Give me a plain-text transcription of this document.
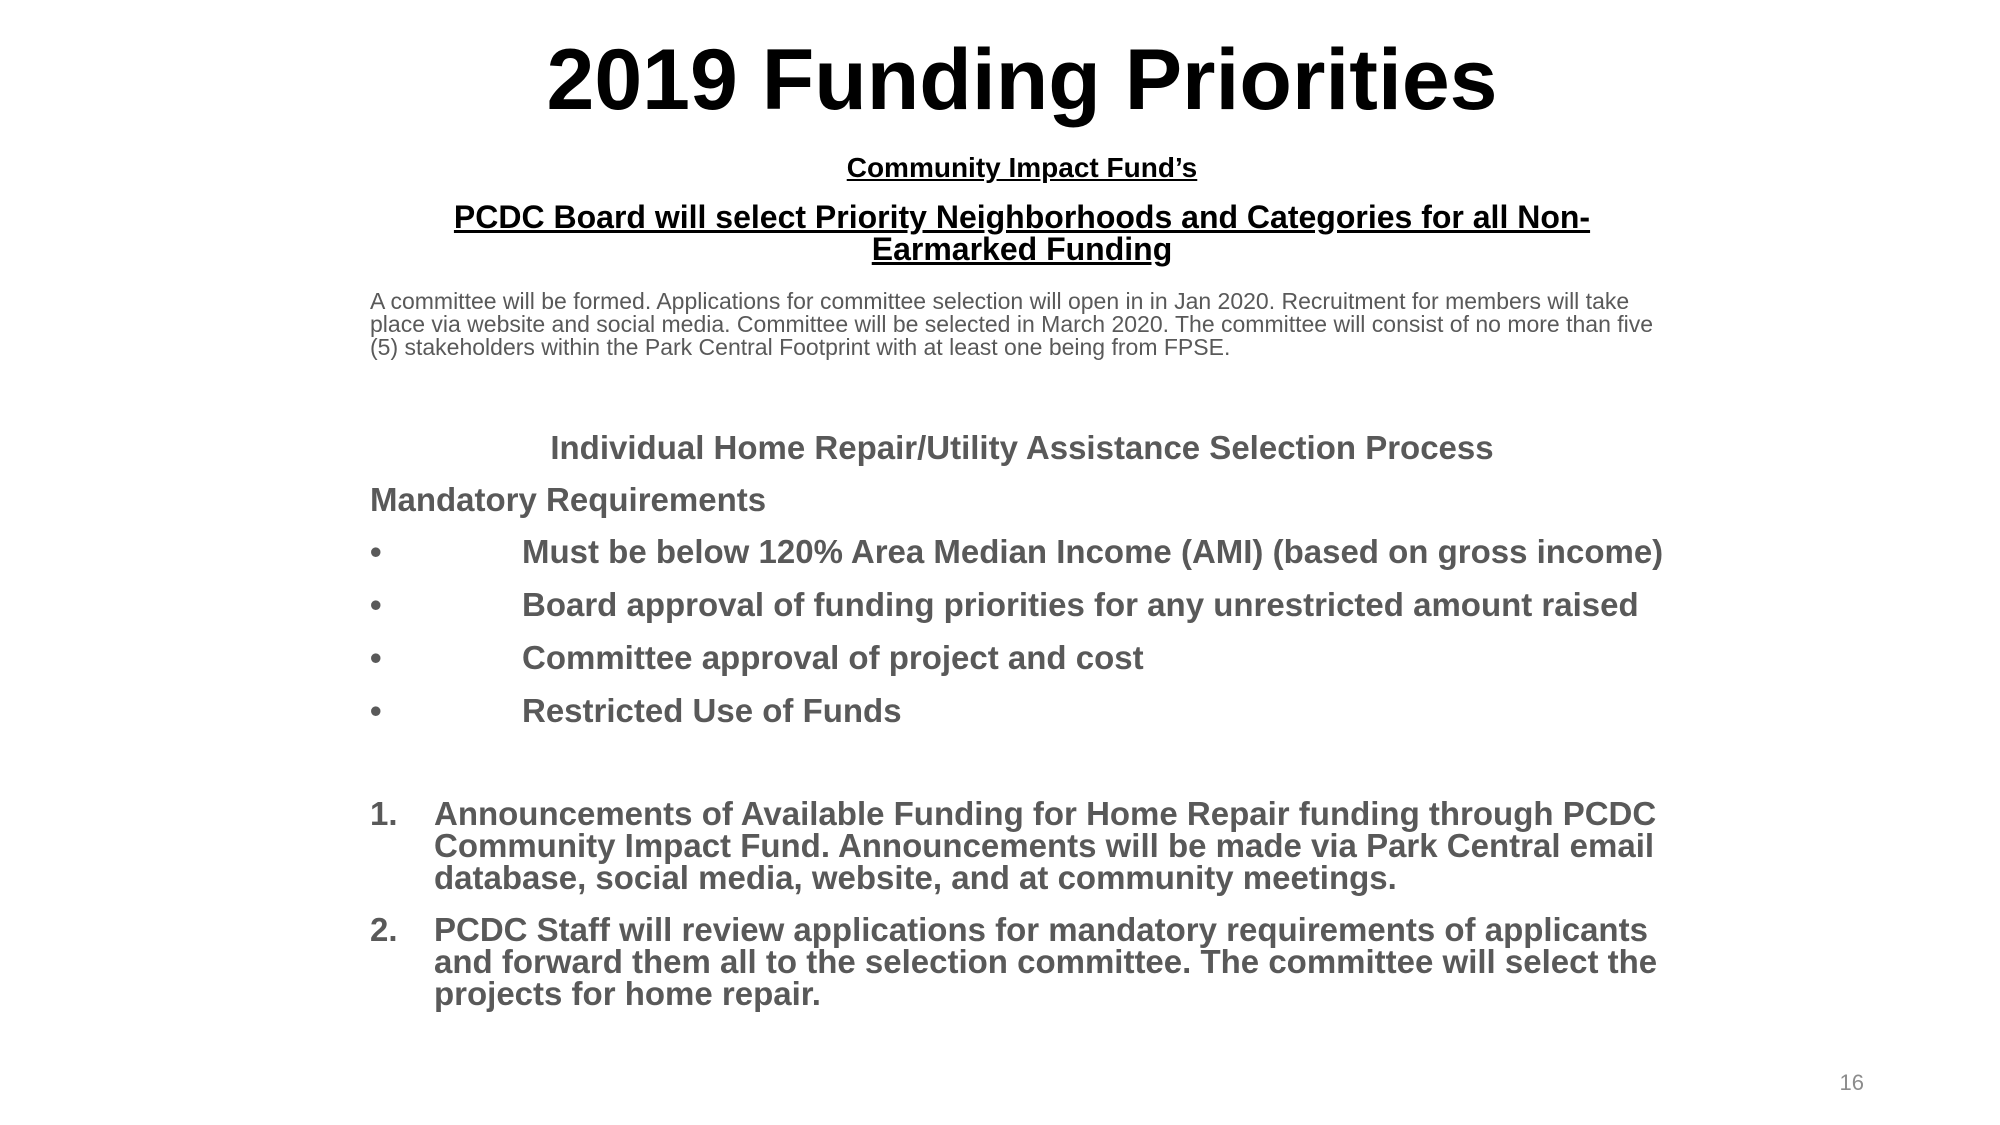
2019 Funding Priorities

Community Impact Fund’s

PCDC Board will select Priority Neighborhoods and Categories for all Non-Earmarked Funding

A committee will be formed. Applications for committee selection will open in in Jan 2020. Recruitment for members will take place via website and social media. Committee will be selected in March 2020. The committee will consist of no more than five (5) stakeholders within the Park Central Footprint with at least one being from FPSE.

Individual Home Repair/Utility Assistance Selection Process

Mandatory Requirements

•	Must be below 120% Area Median Income (AMI) (based on gross income)
•	Board approval of funding priorities for any unrestricted amount raised
•	Committee approval of project and cost
•	Restricted Use of Funds
1. Announcements of Available Funding for Home Repair funding through PCDC Community Impact Fund. Announcements will be made via Park Central email database, social media, website, and at community meetings.
2. PCDC Staff will review applications for mandatory requirements of applicants and forward them all to the selection committee. The committee will select the projects for home repair.

16
